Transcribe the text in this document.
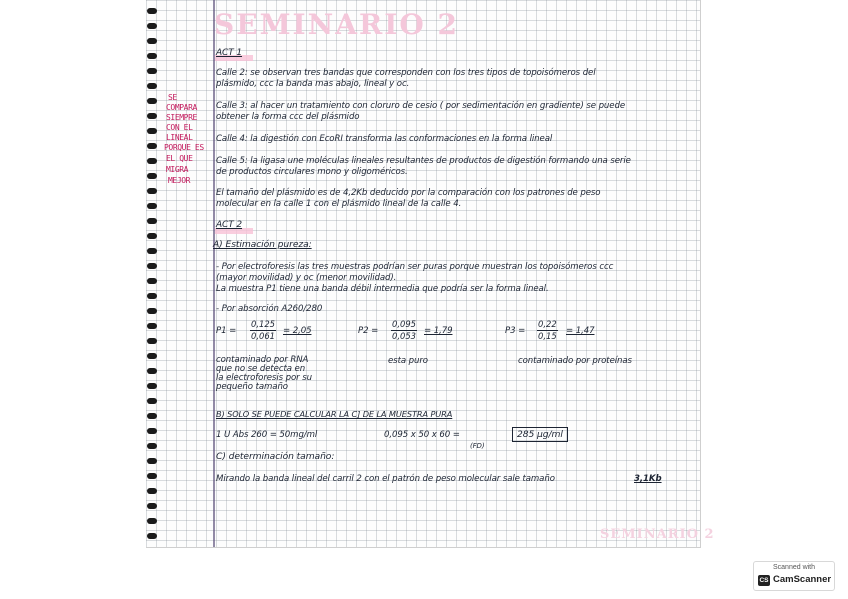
SEMINARIO 2
SE
COMPARA
SIEMPRE
CON EL
LINEAL
PORQUE ES
EL QUE
MIGRA
MEJOR
ACT 1
Calle 2: se observan tres bandas que corresponden con los tres tipos de topoisómeros del
plásmido, ccc la banda mas abajo, lineal y oc.
Calle 3: al hacer un tratamiento con cloruro de cesio ( por sedimentación en gradiente) se puede
obtener la forma ccc del plásmido
Calle 4: la digestión con EcoRI transforma las conformaciones en la forma lineal
Calle 5: la ligasa une moléculas lineales resultantes de productos de digestión formando una serie
de productos circulares mono y oligoméricos.
El tamaño del plásmido es de 4,2Kb deducido por la comparación con los patrones de peso
molecular en la calle 1 con el plásmido lineal de la calle 4.
ACT 2
A) Estimación pureza:
- Por electroforesis las tres muestras podrían ser puras porque muestran los topoisómeros ccc
(mayor movilidad) y oc (menor movilidad).
La muestra P1 tiene una banda débil intermedia que podría ser la forma lineal.
- Por absorción A260/280
$P1 = \frac{0,125}{0,061} = 2,05$
contaminado por RNA
que no se detecta en
la electroforesis por su
pequeño tamaño
$P2 = \frac{0,095}{0,053} = 1,79$
esta puro
$P3 = \frac{0,22}{0,15} = 1,47$
contaminado por proteínas
B) SOLO SE PUEDE CALCULAR LA C] DE LA MUESTRA PURA
1 U Abs 260 = 50mg/ml	0,095 x 50 x 60 =
(FD)
285 µg/ml
C) determinación tamaño:
Mirando la banda lineal del carril 2 con el patrón de peso molecular sale tamaño	3,1Kb
SEMINARIO 2
Scanned with
CS CamScanner
